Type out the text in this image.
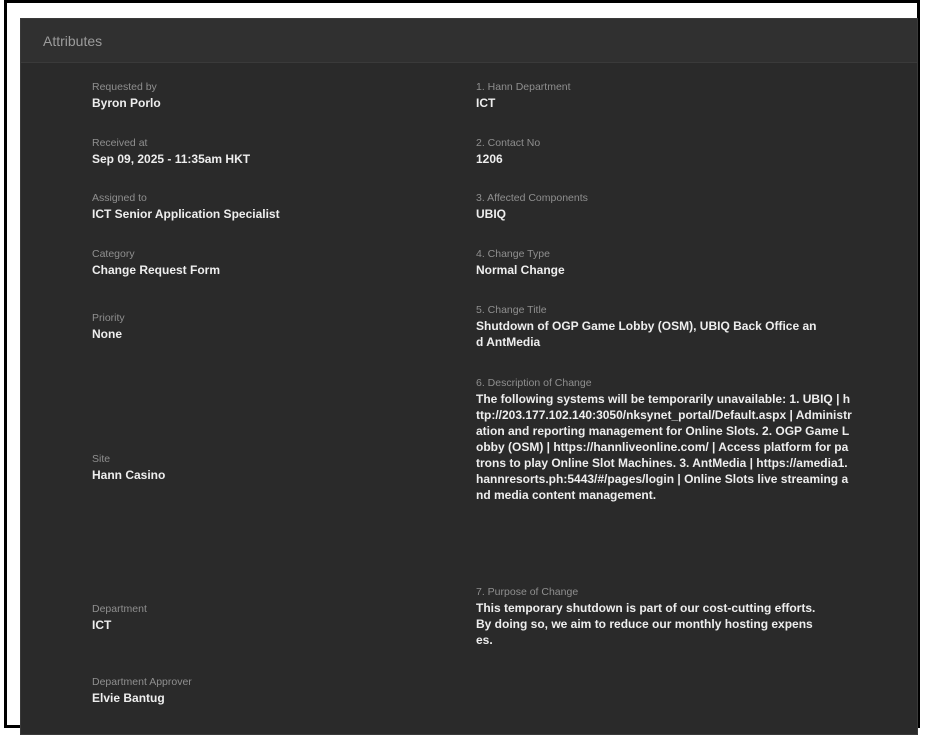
Attributes
Requested by
Byron Porlo
Received at
Sep 09, 2025 - 11:35am HKT
Assigned to
ICT Senior Application Specialist
Category
Change Request Form
Priority
None
Site
Hann Casino
Department
ICT
Department Approver
Elvie Bantug
1. Hann Department
ICT
2. Contact No
1206
3. Affected Components
UBIQ
4. Change Type
Normal Change
5. Change Title
Shutdown of OGP Game Lobby (OSM), UBIQ Back Office and AntMedia
6. Description of Change
The following systems will be temporarily unavailable: 1. UBIQ | http://203.177.102.140:3050/nksynet_portal/Default.aspx | Administration and reporting management for Online Slots. 2. OGP Game Lobby (OSM) | https://hannliveonline.com/ | Access platform for patrons to play Online Slot Machines. 3. AntMedia | https://amedia1.hannresorts.ph:5443/#/pages/login | Online Slots live streaming and media content management.
7. Purpose of Change
This temporary shutdown is part of our cost-cutting efforts. By doing so, we aim to reduce our monthly hosting expenses.
